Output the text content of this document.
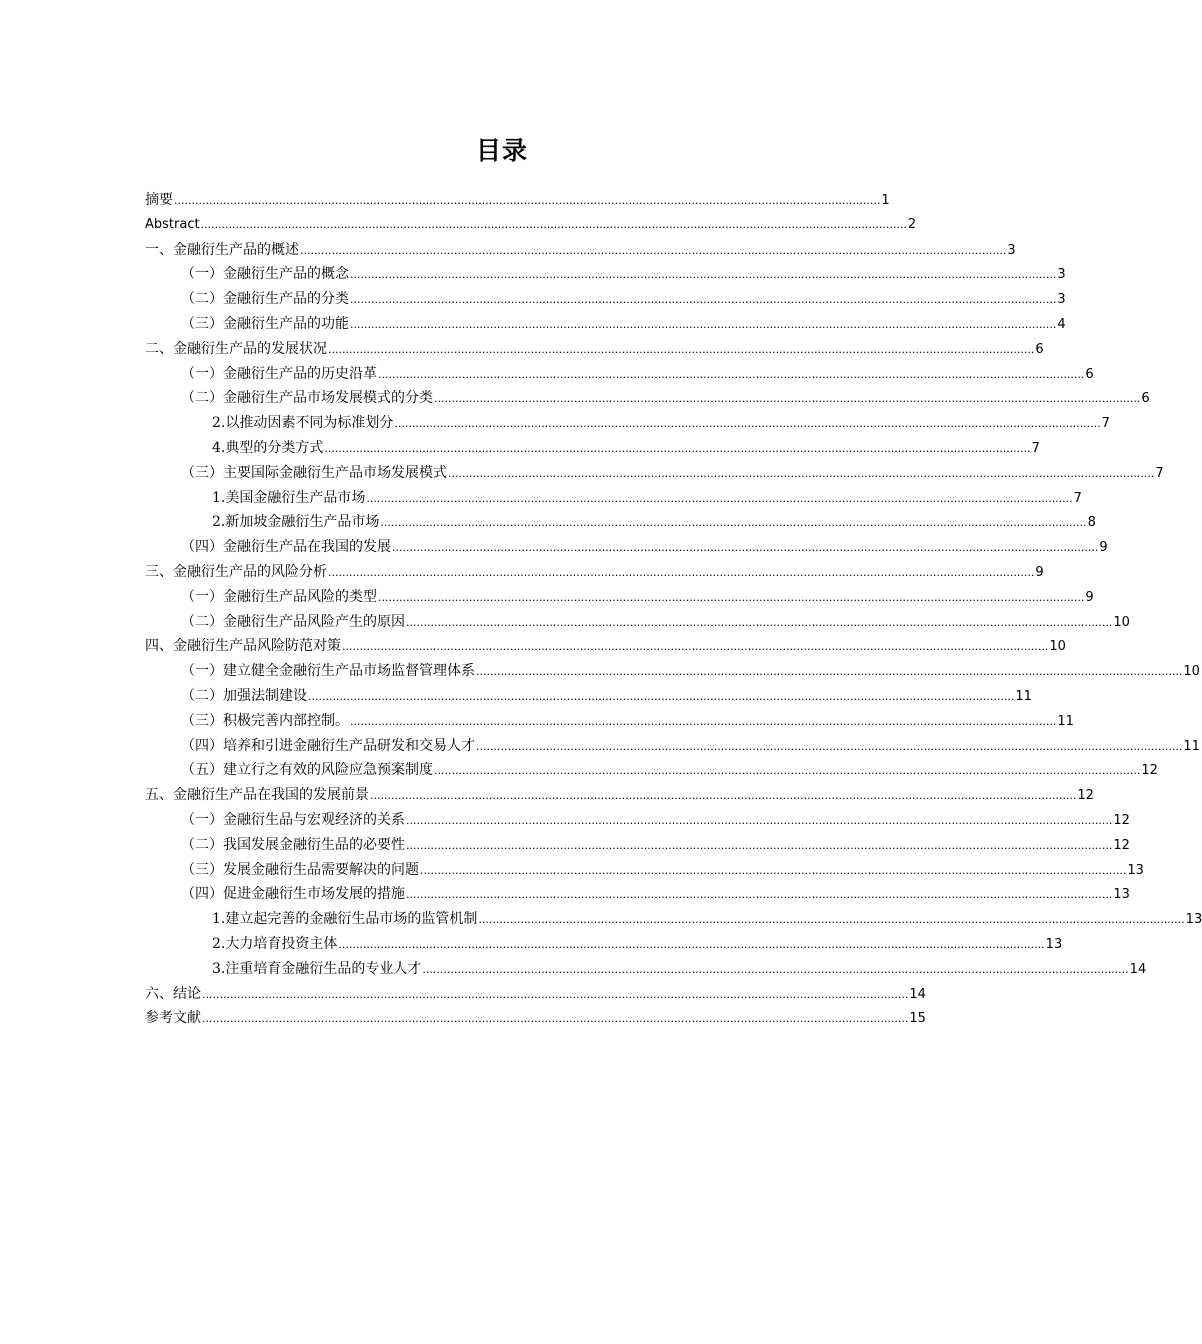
目录
摘要 .......................................................................................................................................................................................................... 1
Abstract .......................................................................................................................................................................................................... 2
一、金融衍生产品的概述 .......................................................................................................................................................................................................... 3
（一）金融衍生产品的概念 .......................................................................................................................................................................................................... 3
（二）金融衍生产品的分类 .......................................................................................................................................................................................................... 3
（三）金融衍生产品的功能 .......................................................................................................................................................................................................... 4
二、金融衍生产品的发展状况 .......................................................................................................................................................................................................... 6
（一）金融衍生产品的历史沿革 .......................................................................................................................................................................................................... 6
（二）金融衍生产品市场发展模式的分类 .......................................................................................................................................................................................................... 6
2.以推动因素不同为标准划分 .......................................................................................................................................................................................................... 7
4.典型的分类方式 .......................................................................................................................................................................................................... 7
（三）主要国际金融衍生产品市场发展模式 .......................................................................................................................................................................................................... 7
1.美国金融衍生产品市场 .......................................................................................................................................................................................................... 7
2.新加坡金融衍生产品市场 .......................................................................................................................................................................................................... 8
（四）金融衍生产品在我国的发展 .......................................................................................................................................................................................................... 9
三、金融衍生产品的风险分析 .......................................................................................................................................................................................................... 9
（一）金融衍生产品风险的类型 .......................................................................................................................................................................................................... 9
（二）金融衍生产品风险产生的原因 .......................................................................................................................................................................................................... 10
四、金融衍生产品风险防范对策 .......................................................................................................................................................................................................... 10
（一）建立健全金融衍生产品市场监督管理体系 .......................................................................................................................................................................................................... 10
（二）加强法制建设 .......................................................................................................................................................................................................... 11
（三）积极完善内部控制。 .......................................................................................................................................................................................................... 11
（四）培养和引进金融衍生产品研发和交易人才 .......................................................................................................................................................................................................... 11
（五）建立行之有效的风险应急预案制度 .......................................................................................................................................................................................................... 12
五、金融衍生产品在我国的发展前景 .......................................................................................................................................................................................................... 12
（一）金融衍生品与宏观经济的关系 .......................................................................................................................................................................................................... 12
（二）我国发展金融衍生品的必要性 .......................................................................................................................................................................................................... 12
（三）发展金融衍生品需要解决的问题 .......................................................................................................................................................................................................... 13
（四）促进金融衍生市场发展的措施 .......................................................................................................................................................................................................... 13
1.建立起完善的金融衍生品市场的监管机制 .......................................................................................................................................................................................................... 13
2.大力培育投资主体 .......................................................................................................................................................................................................... 13
3.注重培育金融衍生品的专业人才 .......................................................................................................................................................................................................... 14
六、结论 .......................................................................................................................................................................................................... 14
参考文献 .......................................................................................................................................................................................................... 15
